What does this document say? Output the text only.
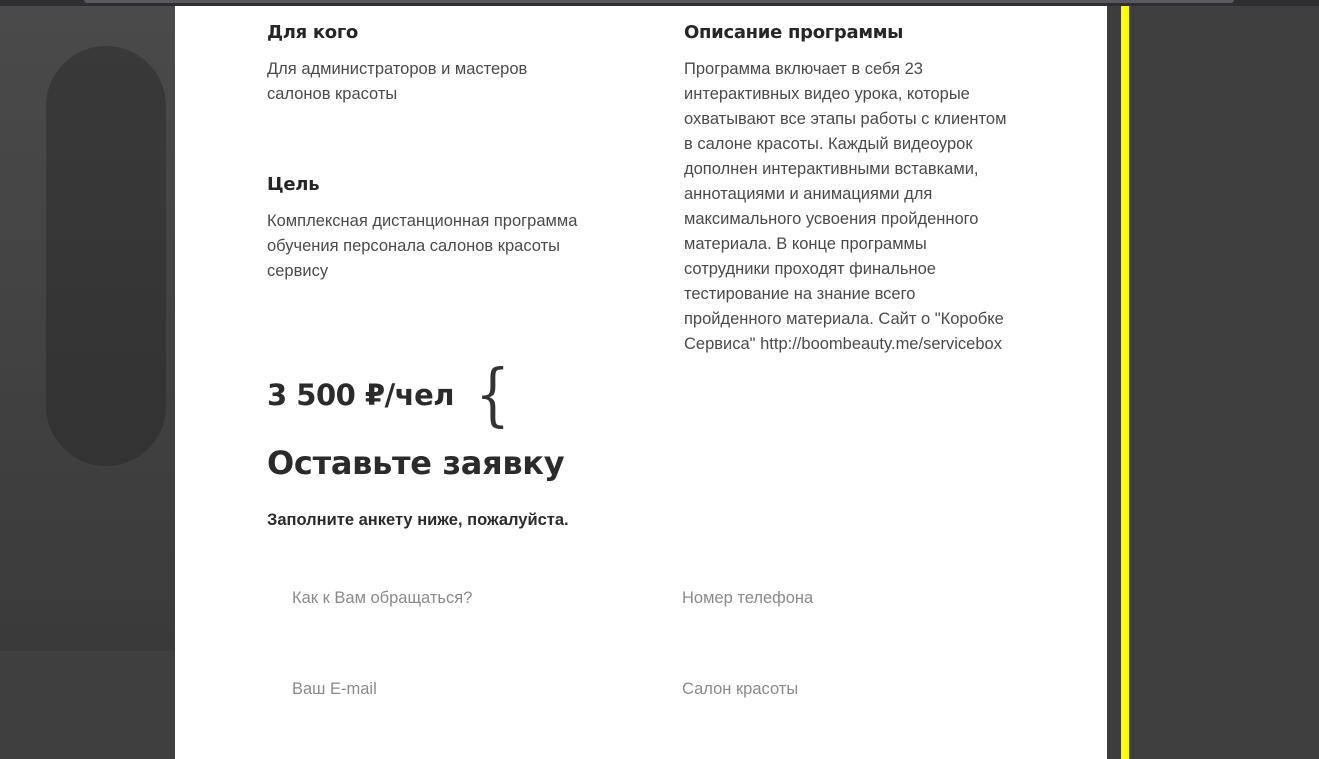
Для кого
Для администраторов и мастеров
салонов красоты
Цель
Комплексная дистанционная программа
обучения персонала салонов красоты
сервису
Описание программы
Программа включает в себя 23
интерактивных видео урока, которые
охватывают все этапы работы с клиентом
в салоне красоты. Каждый видеоурок
дополнен интерактивными вставками,
аннотациями и анимациями для
максимального усвоения пройденного
материала. В конце программы
сотрудники проходят финальное
тестирование на знание всего
пройденного материала. Сайт о "Коробке
Сервиса" http://boombeauty.me/servicebox
3 500 ₽/чел {
Оставьте заявку
Заполните анкету ниже, пожалуйста.
Как к Вам обращаться?
Номер телефона
Ваш E-mail
Салон красоты
